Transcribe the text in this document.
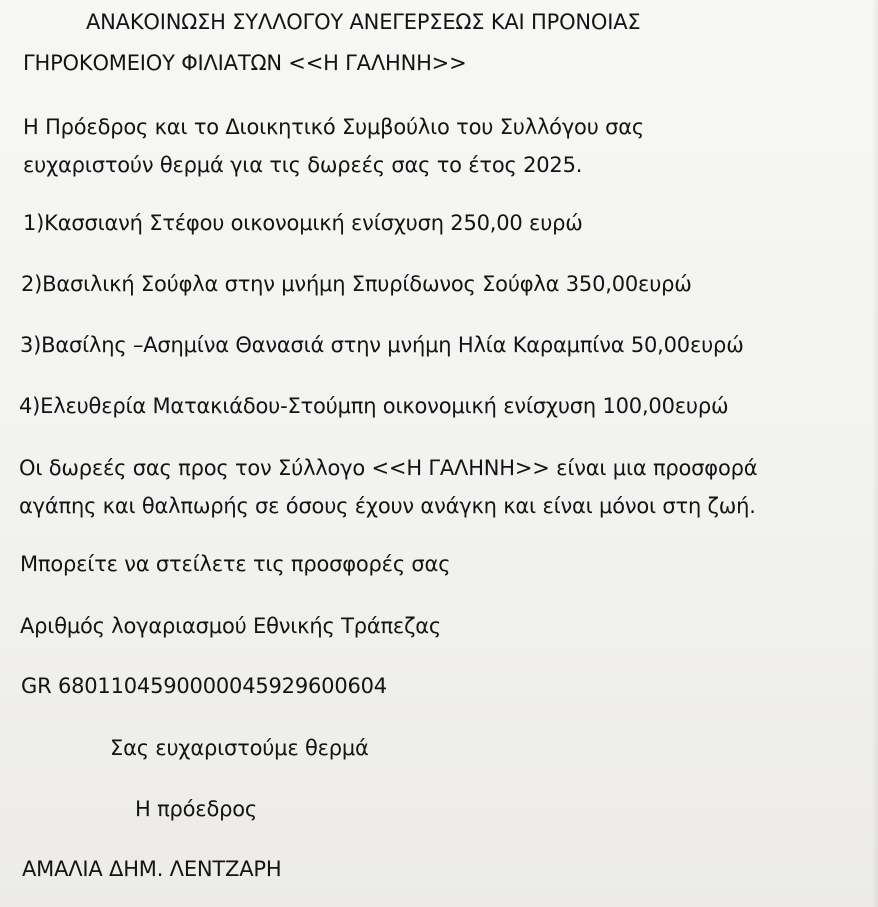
ΑΝΑΚΟΙΝΩΣΗ ΣΥΛΛΟΓΟΥ ΑΝΕΓΕΡΣΕΩΣ ΚΑΙ ΠΡΟΝΟΙΑΣ
ΓΗΡΟΚΟΜΕΙΟΥ ΦΙΛΙΑΤΩΝ <<Η ΓΑΛΗΝΗ>>
Η Πρόεδρος και το Διοικητικό Συμβούλιο του Συλλόγου σας
ευχαριστούν θερμά για τις δωρεές σας το έτος 2025.
1)Κασσιανή Στέφου οικονομική ενίσχυση 250,00 ευρώ
2)Βασιλική Σούφλα στην μνήμη Σπυρίδωνος Σούφλα 350,00ευρώ
3)Βασίλης –Ασημίνα Θανασιά στην μνήμη Ηλία Καραμπίνα 50,00ευρώ
4)Ελευθερία Ματακιάδου-Στούμπη οικονομική ενίσχυση 100,00ευρώ
Οι δωρεές σας προς τον Σύλλογο <<Η ΓΑΛΗΝΗ>> είναι μια προσφορά
αγάπης και θαλπωρής σε όσους έχουν ανάγκη και είναι μόνοι στη ζωή.
Μπορείτε να στείλετε τις προσφορές σας
Αριθμός λογαριασμού Εθνικής Τράπεζας
GR 6801104590000045929600604
Σας ευχαριστούμε θερμά
Η πρόεδρος
ΑΜΑΛΙΑ ΔΗΜ. ΛΕΝΤΖΑΡΗ
